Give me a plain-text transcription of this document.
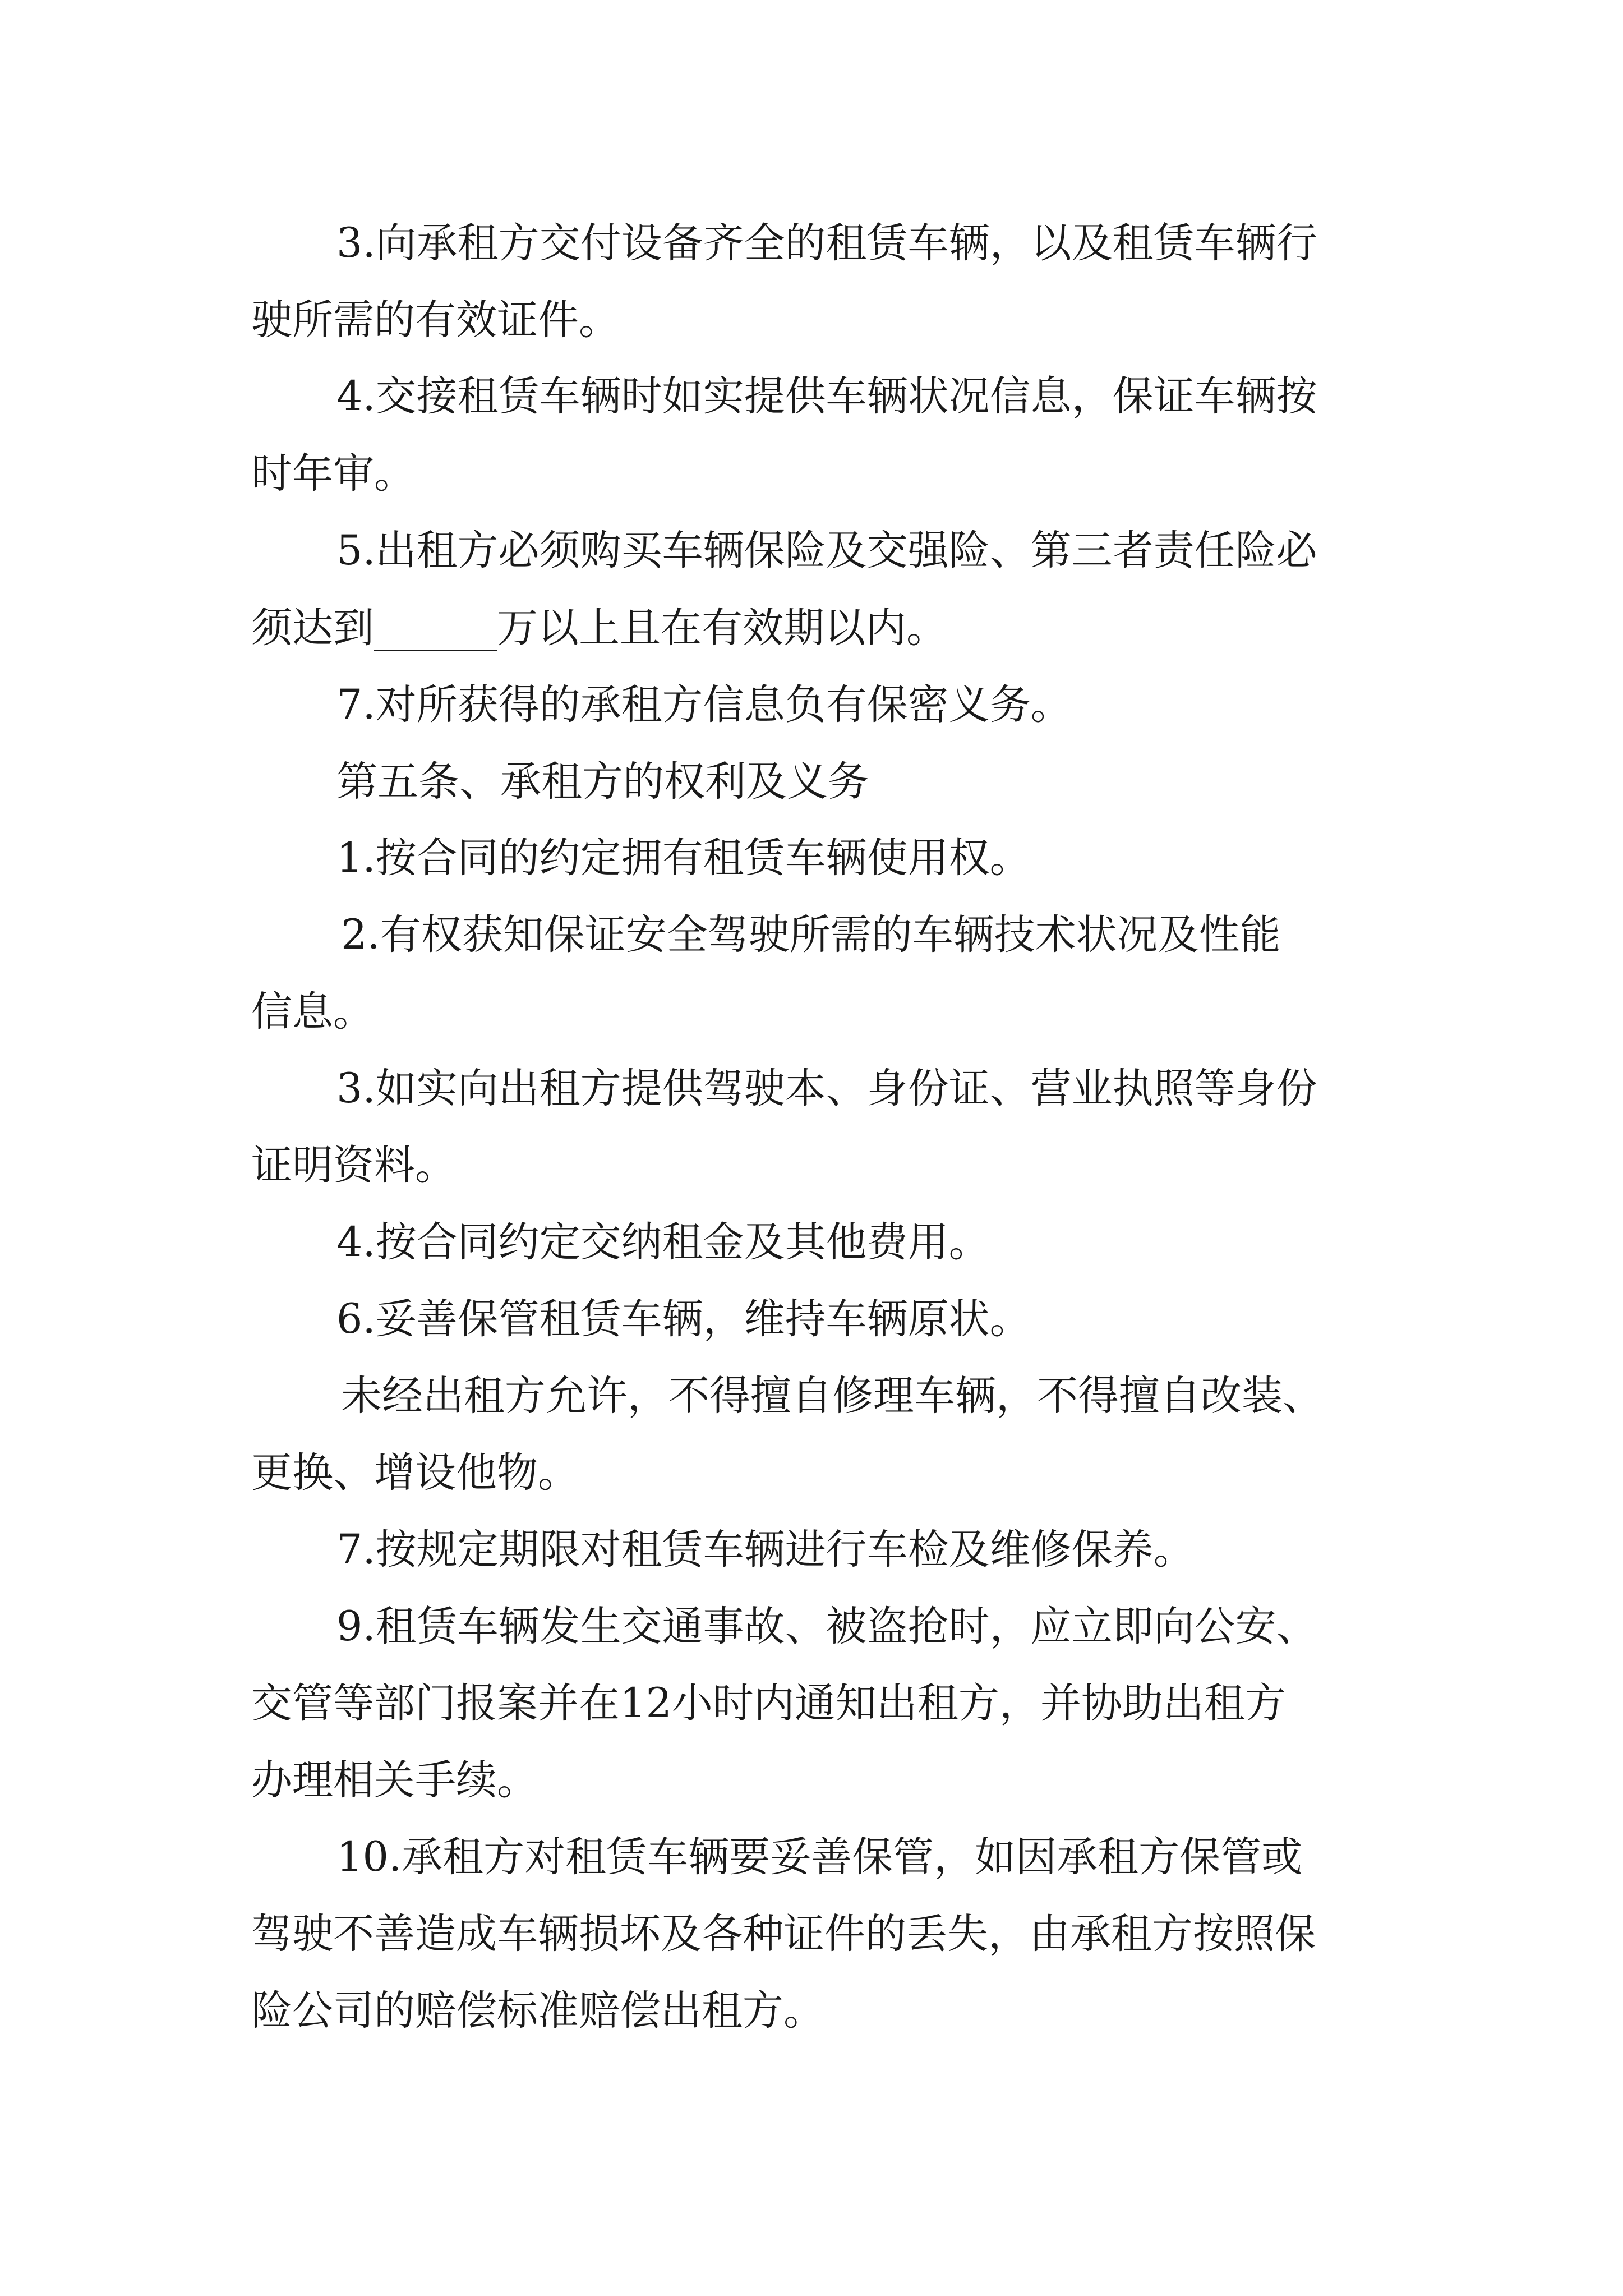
3.向承租方交付设备齐全的租赁车辆，以及租赁车辆行

驶所需的有效证件。

4.交接租赁车辆时如实提供车辆状况信息，保证车辆按

时年审。

5.出租方必须购买车辆保险及交强险、第三者责任险必

须达到______万以上且在有效期以内。

7.对所获得的承租方信息负有保密义务。

第五条、承租方的权利及义务

1.按合同的约定拥有租赁车辆使用权。

2.有权获知保证安全驾驶所需的车辆技术状况及性能

信息。

3.如实向出租方提供驾驶本、身份证、营业执照等身份

证明资料。

4.按合同约定交纳租金及其他费用。

6.妥善保管租赁车辆，维持车辆原状。

未经出租方允许，不得擅自修理车辆，不得擅自改装、

更换、增设他物。

7.按规定期限对租赁车辆进行车检及维修保养。

9.租赁车辆发生交通事故、被盗抢时，应立即向公安、

交管等部门报案并在12小时内通知出租方，并协助出租方

办理相关手续。

10.承租方对租赁车辆要妥善保管，如因承租方保管或

驾驶不善造成车辆损坏及各种证件的丢失，由承租方按照保

险公司的赔偿标准赔偿出租方。
